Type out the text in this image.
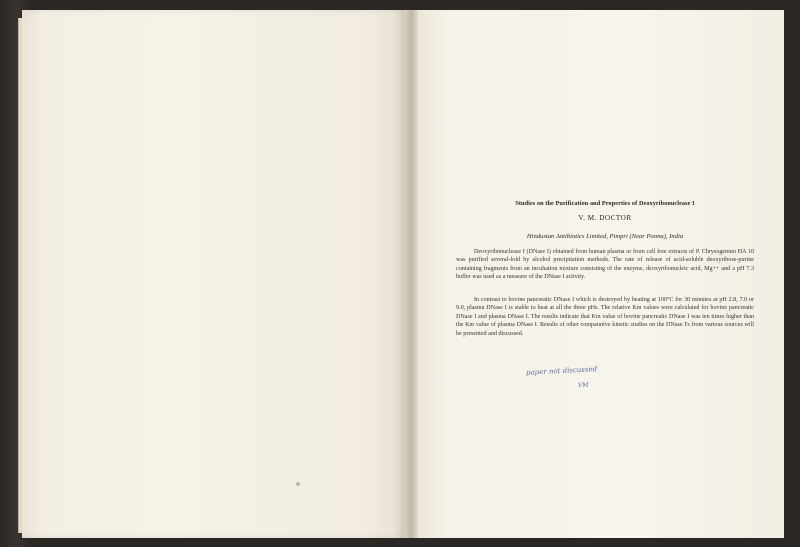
Studies on the Purification and Properties of Deoxyribonuclease I
V. M. DOCTOR
Hindustan Antibiotics Limited, Pimpri (Near Poona), India

Deoxyribonuclease I (DNase I) obtained from human plasma or from cell free extracts of P. Chrysogenum HA 10 was purified several-fold by alcohol precipitation methods. The rate of release of acid-soluble deoxyribose-purine containing fragments from an incubation mixture consisting of the enzyme, deoxyribonucleic acid, Mg++ and a pH 7.3 buffer was used as a measure of the DNase I activity.

In contrast to bovine pancreatic DNase I which is destroyed by heating at 100°C for 30 minutes at pH 2.8, 7.0 or 9.0, plasma DNase I is stable to heat at all the three pHs. The relative Km values were calculated for bovine pancreatic DNase I and plasma DNase I. The results indicate that Km value of bovine pancreatic DNase I was ten times higher than the Km value of plasma DNase I. Results of other comparative kinetic studies on the DNase I's from various sources will be presented and discussed.

paper not discussed
VM
